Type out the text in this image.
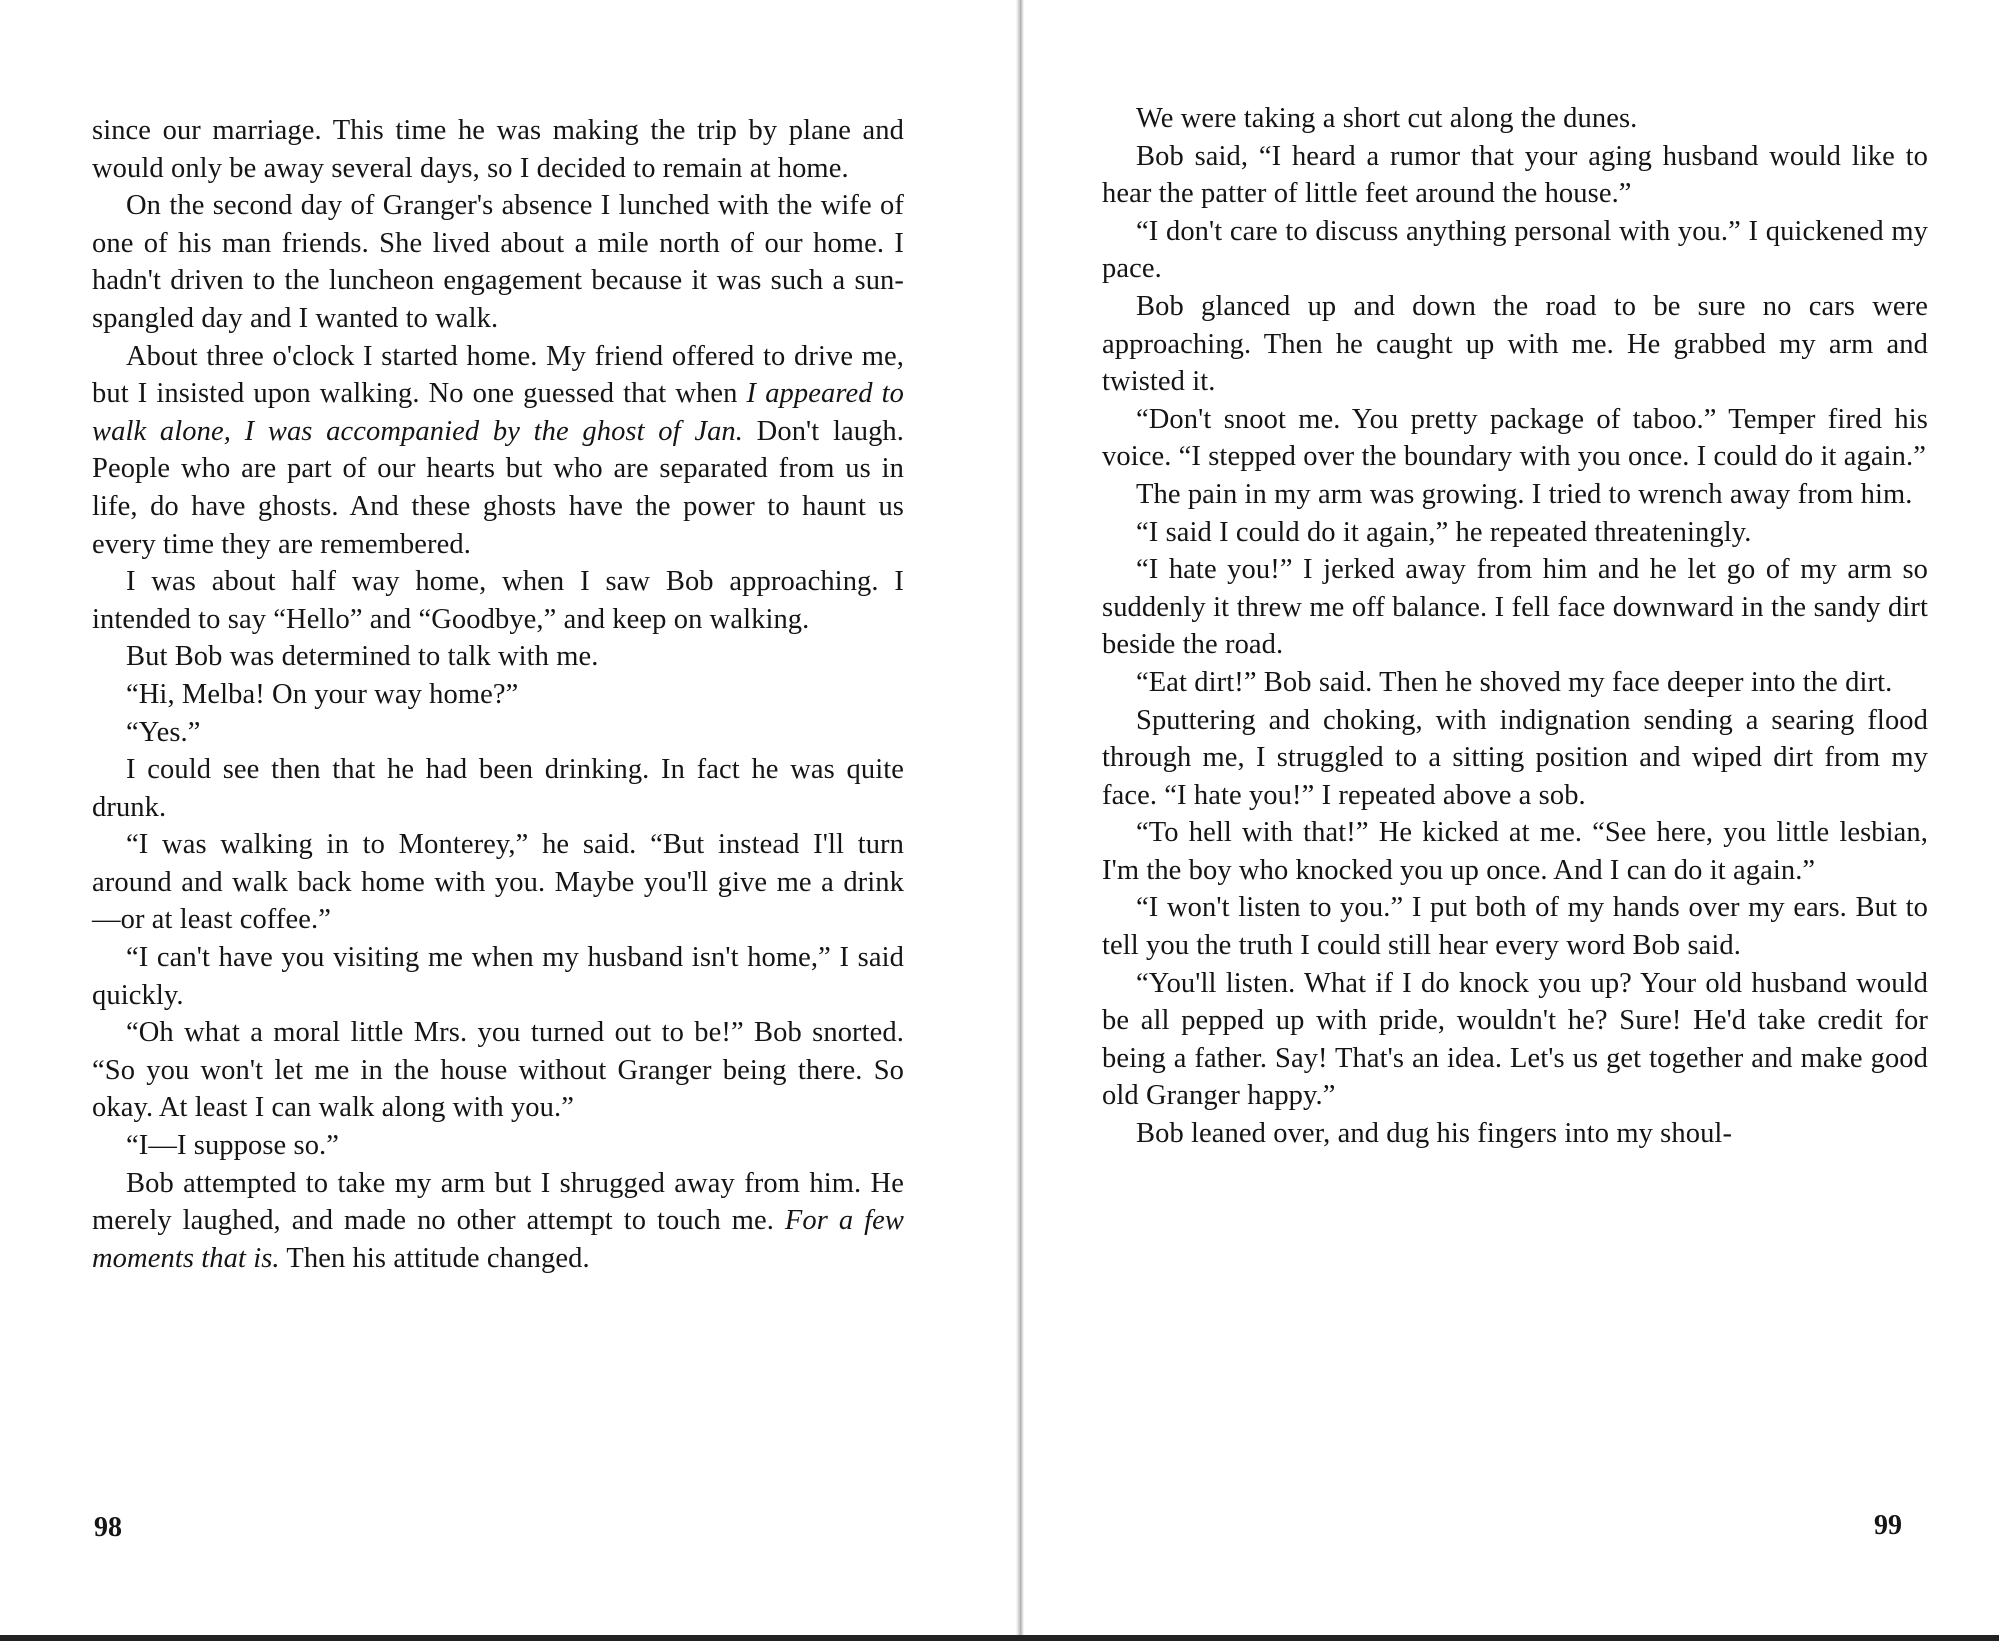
since our marriage. This time he was making the trip by plane and would only be away several days, so I decided to remain at home.

On the second day of Granger's absence I lunched with the wife of one of his man friends. She lived about a mile north of our home. I hadn't driven to the luncheon engagement because it was such a sun-spangled day and I wanted to walk.

About three o'clock I started home. My friend offered to drive me, but I insisted upon walking. No one guessed that when I appeared to walk alone, I was accompanied by the ghost of Jan. Don't laugh. People who are part of our hearts but who are separated from us in life, do have ghosts. And these ghosts have the power to haunt us every time they are remembered.

I was about half way home, when I saw Bob approaching. I intended to say “Hello” and “Goodbye,” and keep on walking.

But Bob was determined to talk with me.

“Hi, Melba! On your way home?”

“Yes.”

I could see then that he had been drinking. In fact he was quite drunk.

“I was walking in to Monterey,” he said. “But instead I'll turn around and walk back home with you. Maybe you'll give me a drink—or at least coffee.”

“I can't have you visiting me when my husband isn't home,” I said quickly.

“Oh what a moral little Mrs. you turned out to be!” Bob snorted. “So you won't let me in the house without Granger being there. So okay. At least I can walk along with you.”

“I—I suppose so.”

Bob attempted to take my arm but I shrugged away from him. He merely laughed, and made no other attempt to touch me. For a few moments that is. Then his attitude changed.

98

We were taking a short cut along the dunes.

Bob said, “I heard a rumor that your aging husband would like to hear the patter of little feet around the house.”

“I don't care to discuss anything personal with you.” I quickened my pace.

Bob glanced up and down the road to be sure no cars were approaching. Then he caught up with me. He grabbed my arm and twisted it.

“Don't snoot me. You pretty package of taboo.” Temper fired his voice. “I stepped over the boundary with you once. I could do it again.”

The pain in my arm was growing. I tried to wrench away from him.

“I said I could do it again,” he repeated threateningly.

“I hate you!” I jerked away from him and he let go of my arm so suddenly it threw me off balance. I fell face downward in the sandy dirt beside the road.

“Eat dirt!” Bob said. Then he shoved my face deeper into the dirt.

Sputtering and choking, with indignation sending a searing flood through me, I struggled to a sitting position and wiped dirt from my face. “I hate you!” I repeated above a sob.

“To hell with that!” He kicked at me. “See here, you little lesbian, I'm the boy who knocked you up once. And I can do it again.”

“I won't listen to you.” I put both of my hands over my ears. But to tell you the truth I could still hear every word Bob said.

“You'll listen. What if I do knock you up? Your old husband would be all pepped up with pride, wouldn't he? Sure! He'd take credit for being a father. Say! That's an idea. Let's us get together and make good old Granger happy.”

Bob leaned over, and dug his fingers into my shoul-

99
